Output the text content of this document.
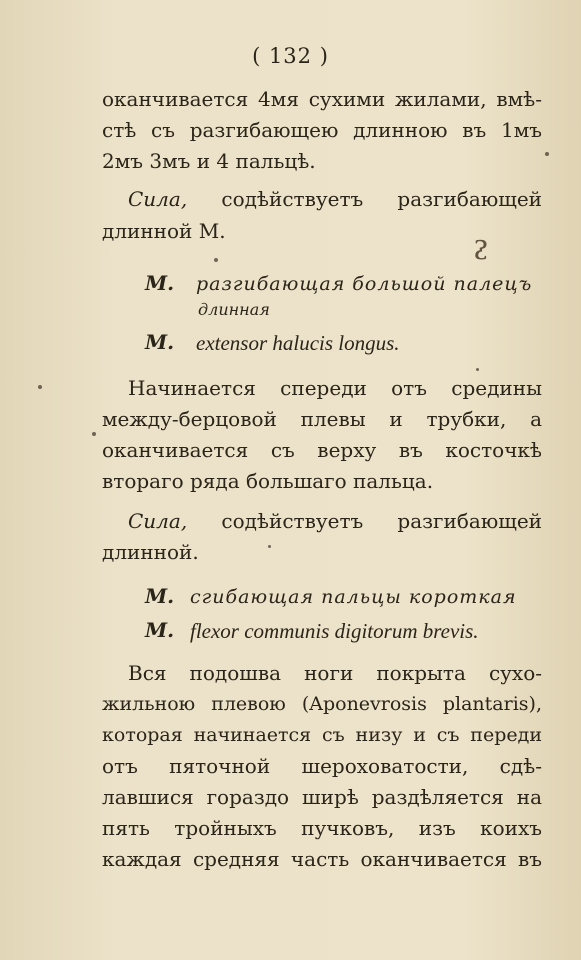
( 132 )
оканчивается 4мя сухими жилами, вмѣ-
стѣ съ разгибающею длинною въ 1мъ
2мъ 3мъ и 4 пальцѣ.
Сила, содѣйствуетъ разгибающей
длинной М.
ᴤ
М. разгибающая большой палецъ
длинная
М. extensor halucis longus.
Начинается спереди отъ средины
между-берцовой плевы и трубки, а
оканчивается съ верху въ косточкѣ
втораго ряда большаго пальца.
Сила, содѣйствуетъ разгибающей
длинной.
М. сгибающая пальцы короткая
М. flexor communis digitorum brevis.
Вся подошва ноги покрыта сухо-
жильною плевою (Aponevrosis plantaris),
которая начинается съ низу и съ переди
отъ пяточной шероховатости, сдѣ-
лавшися гораздо ширѣ раздѣляется на
пять тройныхъ пучковъ, изъ коихъ
каждая средняя часть оканчивается въ
